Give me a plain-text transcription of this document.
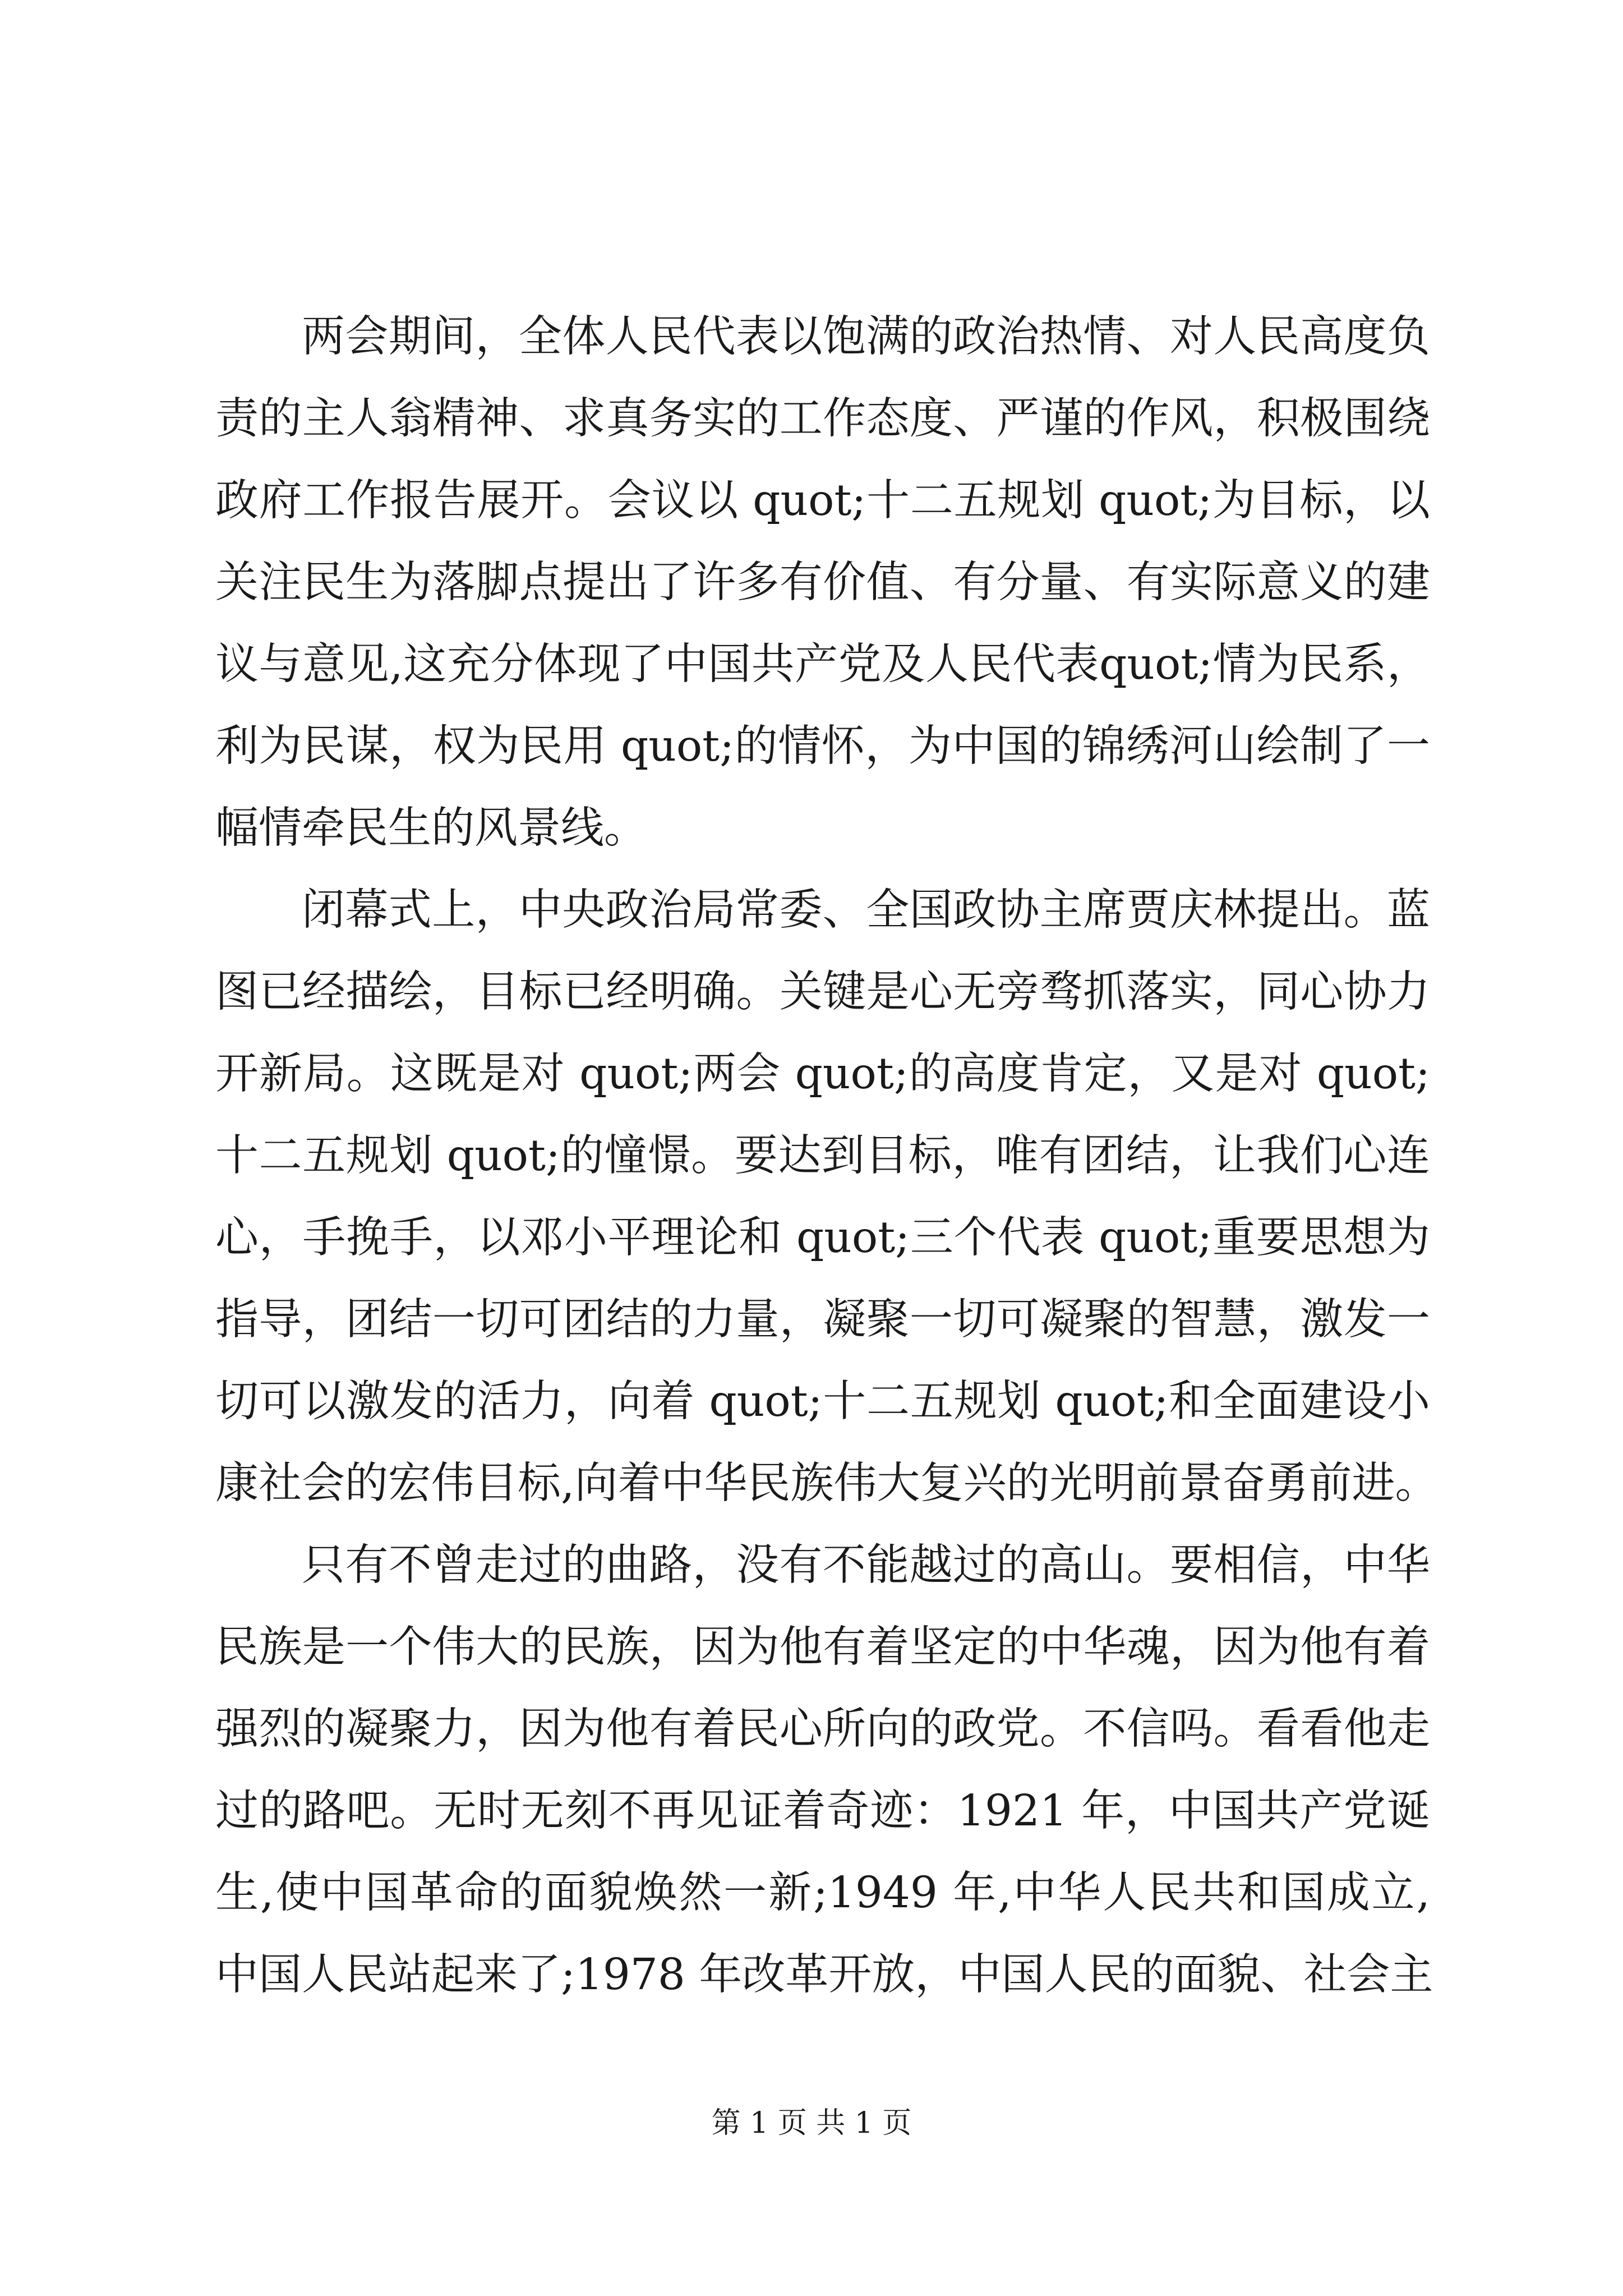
两会期间，全体人民代表以饱满的政治热情、对人民高度负
责的主人翁精神、求真务实的工作态度、严谨的作风，积极围绕
政府工作报告展开。会议以 quot;十二五规划 quot;为目标，以
关注民生为落脚点提出了许多有价值、有分量、有实际意义的建
议与意见,这充分体现了中国共产党及人民代表quot;情为民系，
利为民谋，权为民用 quot;的情怀，为中国的锦绣河山绘制了一
幅情牵民生的风景线。
闭幕式上，中央政治局常委、全国政协主席贾庆林提出。蓝
图已经描绘，目标已经明确。关键是心无旁骛抓落实，同心协力
开新局。这既是对 quot;两会 quot;的高度肯定，又是对 quot;
十二五规划 quot;的憧憬。要达到目标，唯有团结，让我们心连
心，手挽手，以邓小平理论和 quot;三个代表 quot;重要思想为
指导，团结一切可团结的力量，凝聚一切可凝聚的智慧，激发一
切可以激发的活力，向着 quot;十二五规划 quot;和全面建设小
康社会的宏伟目标,向着中华民族伟大复兴的光明前景奋勇前进。
只有不曾走过的曲路，没有不能越过的高山。要相信，中华
民族是一个伟大的民族，因为他有着坚定的中华魂，因为他有着
强烈的凝聚力，因为他有着民心所向的政党。不信吗。看看他走
过的路吧。无时无刻不再见证着奇迹：1921 年，中国共产党诞
生,使中国革命的面貌焕然一新;1949 年,中华人民共和国成立,
中国人民站起来了;1978 年改革开放，中国人民的面貌、社会主
第 1 页 共 1 页
